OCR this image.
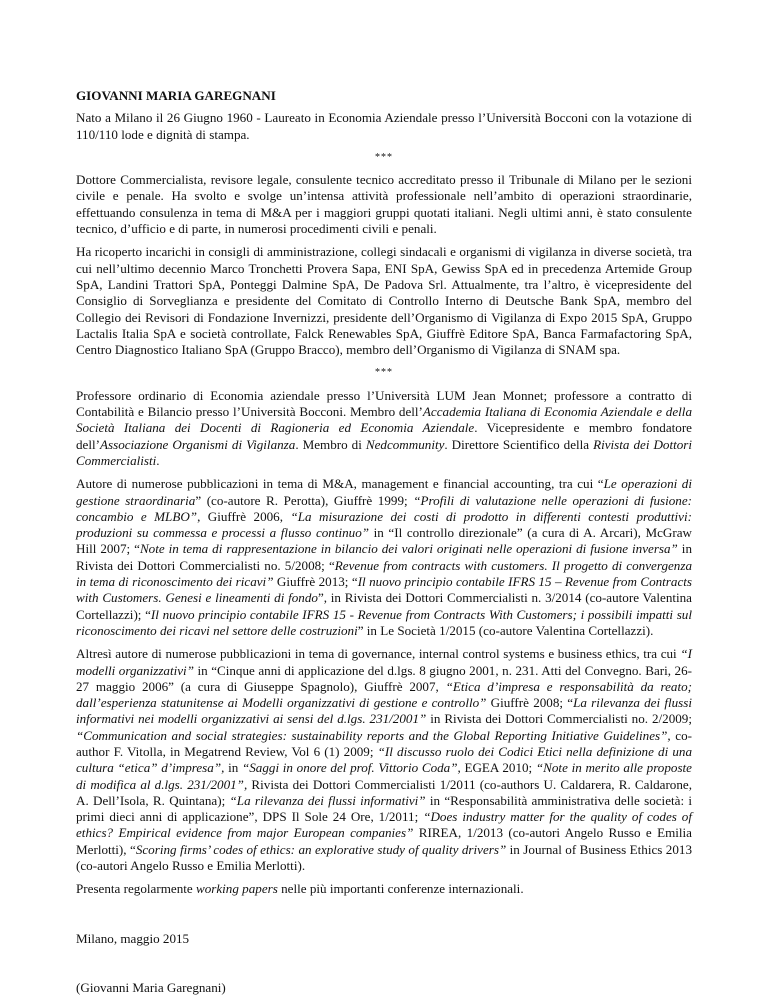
GIOVANNI MARIA GAREGNANI

Nato a Milano il 26 Giugno 1960 - Laureato in Economia Aziendale presso l’Università Bocconi con la votazione di 110/110 lode e dignità di stampa.

***

Dottore Commercialista, revisore legale, consulente tecnico accreditato presso il Tribunale di Milano per le sezioni civile e penale. Ha svolto e svolge un’intensa attività professionale nell’ambito di operazioni straordinarie, effettuando consulenza in tema di M&A per i maggiori gruppi quotati italiani. Negli ultimi anni, è stato consulente tecnico, d’ufficio e di parte, in numerosi procedimenti civili e penali.

Ha ricoperto incarichi in consigli di amministrazione, collegi sindacali e organismi di vigilanza in diverse società, tra cui nell’ultimo decennio Marco Tronchetti Provera Sapa, ENI SpA, Gewiss SpA ed in precedenza Artemide Group SpA, Landini Trattori SpA, Ponteggi Dalmine SpA, De Padova Srl. Attualmente, tra l’altro, è vicepresidente del Consiglio di Sorveglianza e presidente del Comitato di Controllo Interno di Deutsche Bank SpA, membro del Collegio dei Revisori di Fondazione Invernizzi, presidente dell’Organismo di Vigilanza di Expo 2015 SpA, Gruppo Lactalis Italia SpA e società controllate, Falck Renewables SpA, Giuffrè Editore SpA, Banca Farmafactoring SpA, Centro Diagnostico Italiano SpA (Gruppo Bracco), membro dell’Organismo di Vigilanza di SNAM spa.

***

Professore ordinario di Economia aziendale presso l’Università LUM Jean Monnet; professore a contratto di Contabilità e Bilancio presso l’Università Bocconi. Membro dell’Accademia Italiana di Economia Aziendale e della Società Italiana dei Docenti di Ragioneria ed Economia Aziendale. Vicepresidente e membro fondatore dell’Associazione Organismi di Vigilanza. Membro di Nedcommunity. Direttore Scientifico della Rivista dei Dottori Commercialisti.

Autore di numerose pubblicazioni in tema di M&A, management e financial accounting, tra cui “Le operazioni di gestione straordinaria” (co-autore R. Perotta), Giuffrè 1999; “Profili di valutazione nelle operazioni di fusione: concambio e MLBO”, Giuffrè 2006, “La misurazione dei costi di prodotto in differenti contesti produttivi: produzioni su commessa e processi a flusso continuo” in “Il controllo direzionale” (a cura di A. Arcari), McGraw Hill 2007; “Note in tema di rappresentazione in bilancio dei valori originati nelle operazioni di fusione inversa” in Rivista dei Dottori Commercialisti no. 5/2008; “Revenue from contracts with customers. Il progetto di convergenza in tema di riconoscimento dei ricavi” Giuffrè 2013; “Il nuovo principio contabile IFRS 15 – Revenue from Contracts with Customers. Genesi e lineamenti di fondo”, in Rivista dei Dottori Commercialisti n. 3/2014 (co-autore Valentina Cortellazzi); “Il nuovo principio contabile IFRS 15 - Revenue from Contracts With Customers; i possibili impatti sul riconoscimento dei ricavi nel settore delle costruzioni” in Le Società 1/2015 (co-autore Valentina Cortellazzi).

Altresì autore di numerose pubblicazioni in tema di governance, internal control systems e business ethics, tra cui “I modelli organizzativi” in “Cinque anni di applicazione del d.lgs. 8 giugno 2001, n. 231. Atti del Convegno. Bari, 26-27 maggio 2006” (a cura di Giuseppe Spagnolo), Giuffrè 2007, “Etica d’impresa e responsabilità da reato; dall’esperienza statunitense ai Modelli organizzativi di gestione e controllo” Giuffrè 2008; “La rilevanza dei flussi informativi nei modelli organizzativi ai sensi del d.lgs. 231/2001” in Rivista dei Dottori Commercialisti no. 2/2009; “Communication and social strategies: sustainability reports and the Global Reporting Initiative Guidelines”, co-author F. Vitolla, in Megatrend Review, Vol 6 (1) 2009; “Il discusso ruolo dei Codici Etici nella definizione di una cultura “etica” d’impresa”, in “Saggi in onore del prof. Vittorio Coda”, EGEA 2010; “Note in merito alle proposte di modifica al d.lgs. 231/2001”, Rivista dei Dottori Commercialisti 1/2011 (co-authors U. Caldarera, R. Caldarone, A. Dell’Isola, R. Quintana); “La rilevanza dei flussi informativi” in “Responsabilità amministrativa delle società: i primi dieci anni di applicazione”, DPS Il Sole 24 Ore, 1/2011; “Does industry matter for the quality of codes of ethics? Empirical evidence from major European companies” RIREA, 1/2013 (co-autori Angelo Russo e Emilia Merlotti), “Scoring firms’ codes of ethics: an explorative study of quality drivers” in Journal of Business Ethics 2013 (co-autori Angelo Russo e Emilia Merlotti).

Presenta regolarmente working papers nelle più importanti conferenze internazionali.

Milano, maggio 2015

(Giovanni Maria Garegnani)
